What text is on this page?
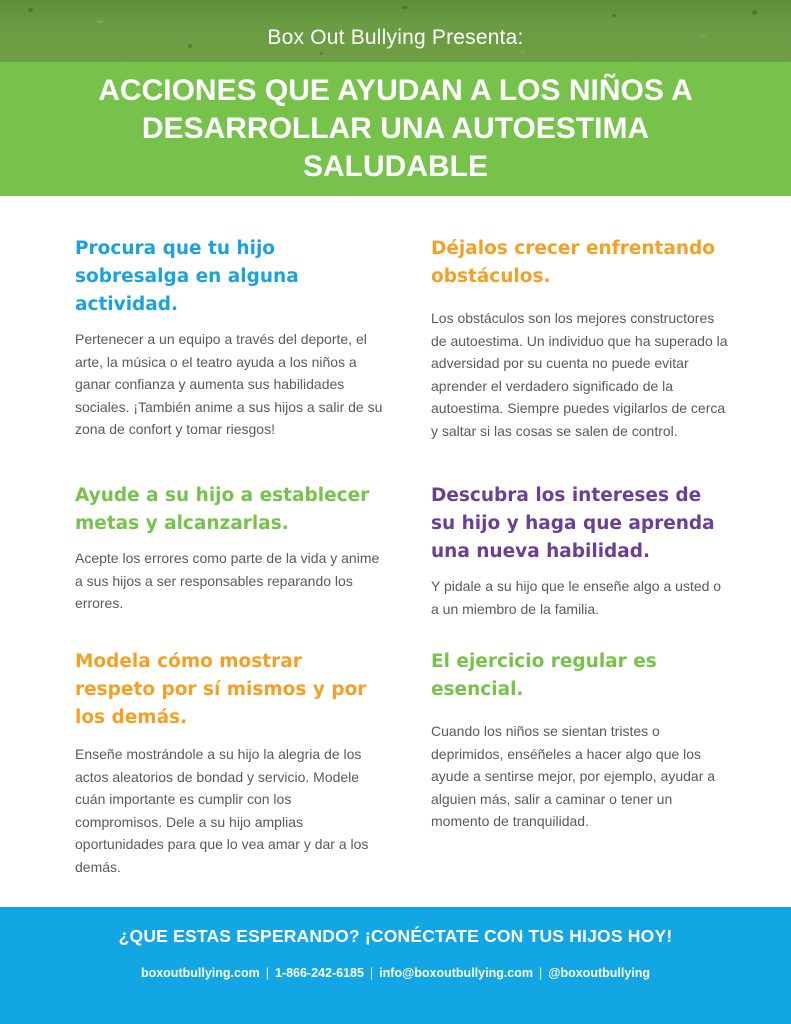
Box Out Bullying Presenta:
ACCIONES QUE AYUDAN A LOS NIÑOS A
DESARROLLAR UNA AUTOESTIMA
SALUDABLE
Procura que tu hijo sobresalga en alguna actividad.

Pertenecer a un equipo a través del deporte, el arte, la música o el teatro ayuda a los niños a ganar confianza y aumenta sus habilidades sociales. ¡También anime a sus hijos a salir de su zona de confort y tomar riesgos!

Déjalos crecer enfrentando obstáculos.

Los obstáculos son los mejores constructores de autoestima. Un individuo que ha superado la adversidad por su cuenta no puede evitar aprender el verdadero significado de la autoestima. Siempre puedes vigilarlos de cerca y saltar si las cosas se salen de control.

Ayude a su hijo a establecer metas y alcanzarlas.

Acepte los errores como parte de la vida y anime a sus hijos a ser responsables reparando los errores.

Descubra los intereses de su hijo y haga que aprenda una nueva habilidad.

Y pidale a su hijo que le enseñe algo a usted o a un miembro de la familia.

Modela cómo mostrar respeto por sí mismos y por los demás.

Enseñe mostrándole a su hijo la alegria de los actos aleatorios de bondad y servicio. Modele cuán importante es cumplir con los compromisos. Dele a su hijo amplias oportunidades para que lo vea amar y dar a los demás.

El ejercicio regular es esencial.

Cuando los niños se sientan tristes o deprimidos, enséñeles a hacer algo que los ayude a sentirse mejor, por ejemplo, ayudar a alguien más, salir a caminar o tener un momento de tranquilidad.

¿QUE ESTAS ESPERANDO? ¡CONÉCTATE CON TUS HIJOS HOY!
boxoutbullying.com | 1-866-242-6185 | info@boxoutbullying.com | @boxoutbullying
